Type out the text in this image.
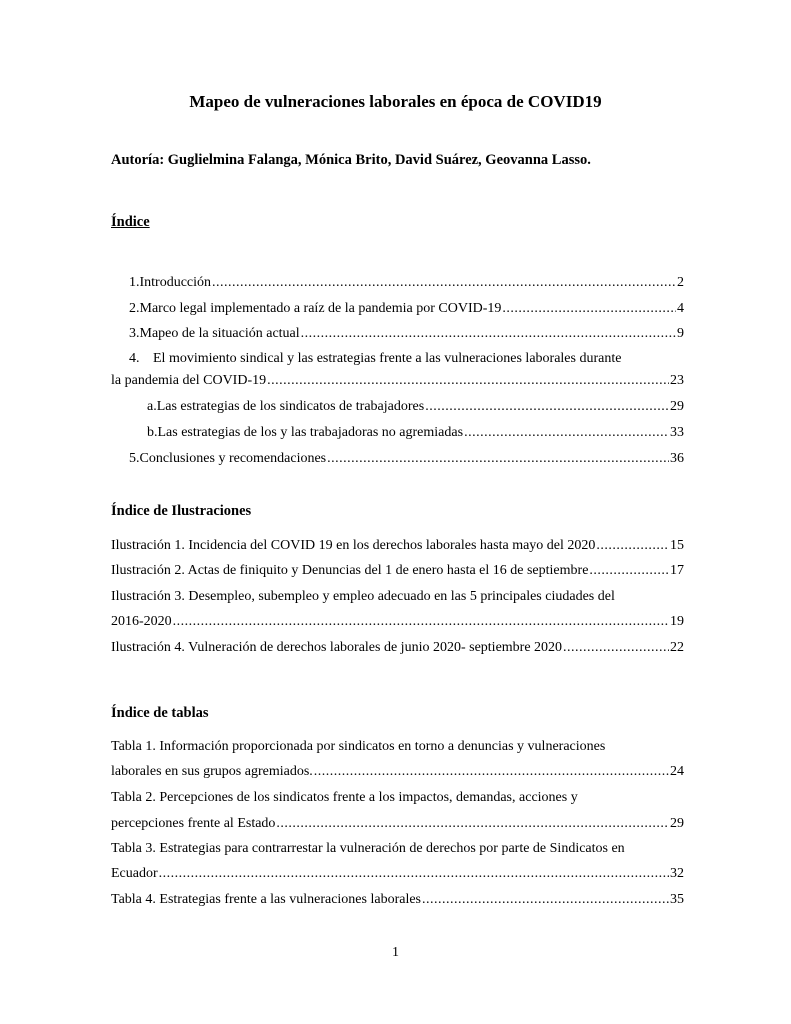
Mapeo de vulneraciones laborales en época de COVID19
Autoría: Guglielmina Falanga, Mónica Brito, David Suárez, Geovanna Lasso.
Índice
1. Introducción .....	2
2. Marco legal implementado a raíz de la pandemia por COVID-19 .....	4
3. Mapeo de la situación actual .....	9
4. El movimiento sindical y las estrategias frente a las vulneraciones laborales durante
la pandemia del COVID-19 .....	23
a. Las estrategias de los sindicatos de trabajadores .....	29
b. Las estrategias de los y las trabajadoras no agremiadas .....	33
5. Conclusiones y recomendaciones .....	36
Índice de Ilustraciones
Ilustración 1. Incidencia del COVID 19 en los derechos laborales hasta mayo del 2020 .....	15
Ilustración 2. Actas de finiquito y Denuncias del 1 de enero hasta el 16 de septiembre .....	17
Ilustración 3. Desempleo, subempleo y empleo adecuado en las 5 principales ciudades del
2016-2020 .....	19
Ilustración 4. Vulneración de derechos laborales de junio 2020- septiembre 2020 .....	22
Índice de tablas
Tabla 1. Información proporcionada por sindicatos en torno a denuncias y vulneraciones
laborales en sus grupos agremiados. .....	24
Tabla 2. Percepciones de los sindicatos frente a los impactos, demandas, acciones y
percepciones frente al Estado .....	29
Tabla 3. Estrategias para contrarrestar la vulneración de derechos por parte de Sindicatos en
Ecuador .....	32
Tabla 4. Estrategias frente a las vulneraciones laborales .....	35
1
